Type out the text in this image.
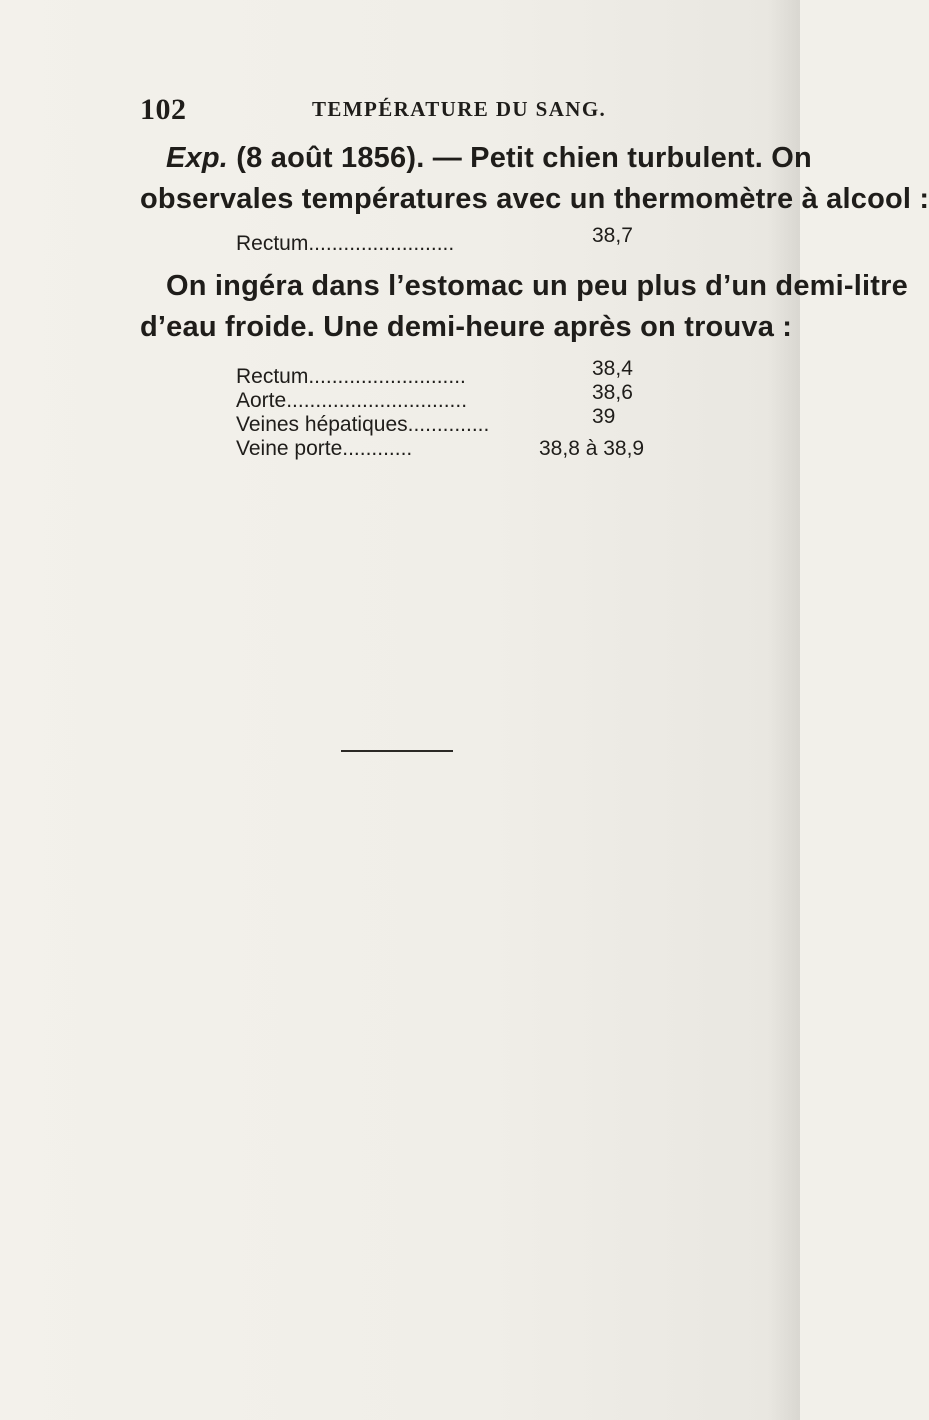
102	TEMPÉRATURE DU SANG.
Exp. (8 août 1856). — Petit chien turbulent. On
observales températures avec un thermomètre à alcool :
Rectum.........................	38,7
On ingéra dans l’estomac un peu plus d’un demi-litre
d’eau froide. Une demi-heure après on trouva :
Rectum...........................	38,4
Aorte...............................	38,6
Veines hépatiques..............	39
Veine porte............	38,8 à 38,9
